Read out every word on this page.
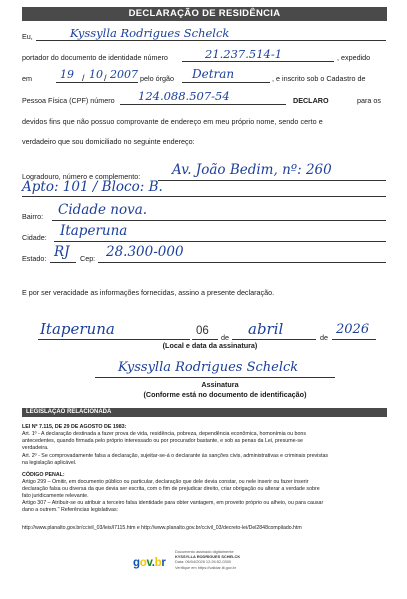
DECLARAÇÃO DE RESIDÊNCIA
Eu,	Kyssylla Rodrigues Schelck
portador do documento de identidade número	21.237.514-1	, expedido
em	19 / 10 / 2007 pelo órgão Detran	, e inscrito sob o Cadastro de
Pessoa Física (CPF) número 124.088.507-54	DECLARO	para os
devidos fins que não possuo comprovante de endereço em meu próprio nome, sendo certo e
verdadeiro que sou domiciliado no seguinte endereço:
Logradouro, número e complemento: Av. João Bedim, nº: 260
Apto: 101 / Bloco: B.
Bairro: Cidade nova.
Cidade: Itaperuna
Estado: RJ Cep: 28.300-000
E por ser veracidade as informações fornecidas, assino a presente declaração.
Itaperuna	06
de abril	de
2026
(Local e data da assinatura)
Kyssylla Rodrigues Schelck
Assinatura
(Conforme está no documento de identificação)
LEGISLAÇÃO RELACIONADA
LEI Nº 7.115, DE 29 DE AGOSTO DE 1983:
Art. 1º - A declaração destinada a fazer prova de vida, residência, pobreza, dependência econômica, homonímia ou bons
antecedentes, quando firmada pelo próprio interessado ou por procurador bastante, e sob as penas da Lei, presume-se
verdadeira.
Art. 2º - Se comprovadamente falsa a declaração, sujeitar-se-á o declarante às sanções civis, administrativas e criminais previstas
na legislação aplicável.
CÓDIGO PENAL:
Artigo 299 – Omitir, em documento público ou particular, declaração que dele devia constar, ou nele inserir ou fazer inserir
declaração falsa ou diversa da que devia ser escrita, com o fim de prejudicar direito, criar obrigação ou alterar a verdade sobre
fato juridicamente relevante.
Artigo 307 – Atribuir-se ou atribuir a terceiro falsa identidade para obter vantagem, em proveito próprio ou alheio, ou para causar
dano a outrem." Referências legislativas:
http://www.planalto.gov.br/ccivil_03/leis/l7115.htm e http://www.planalto.gov.br/ccivil_03/decreto-lei/Del2848compilado.htm
gov.br
Documento assinado digitalmente
KYSSYLLA RODRIGUES SCHELCK
Data: 06/04/2026 12:26:52-0300
Verifique em https://validar.iti.gov.br
